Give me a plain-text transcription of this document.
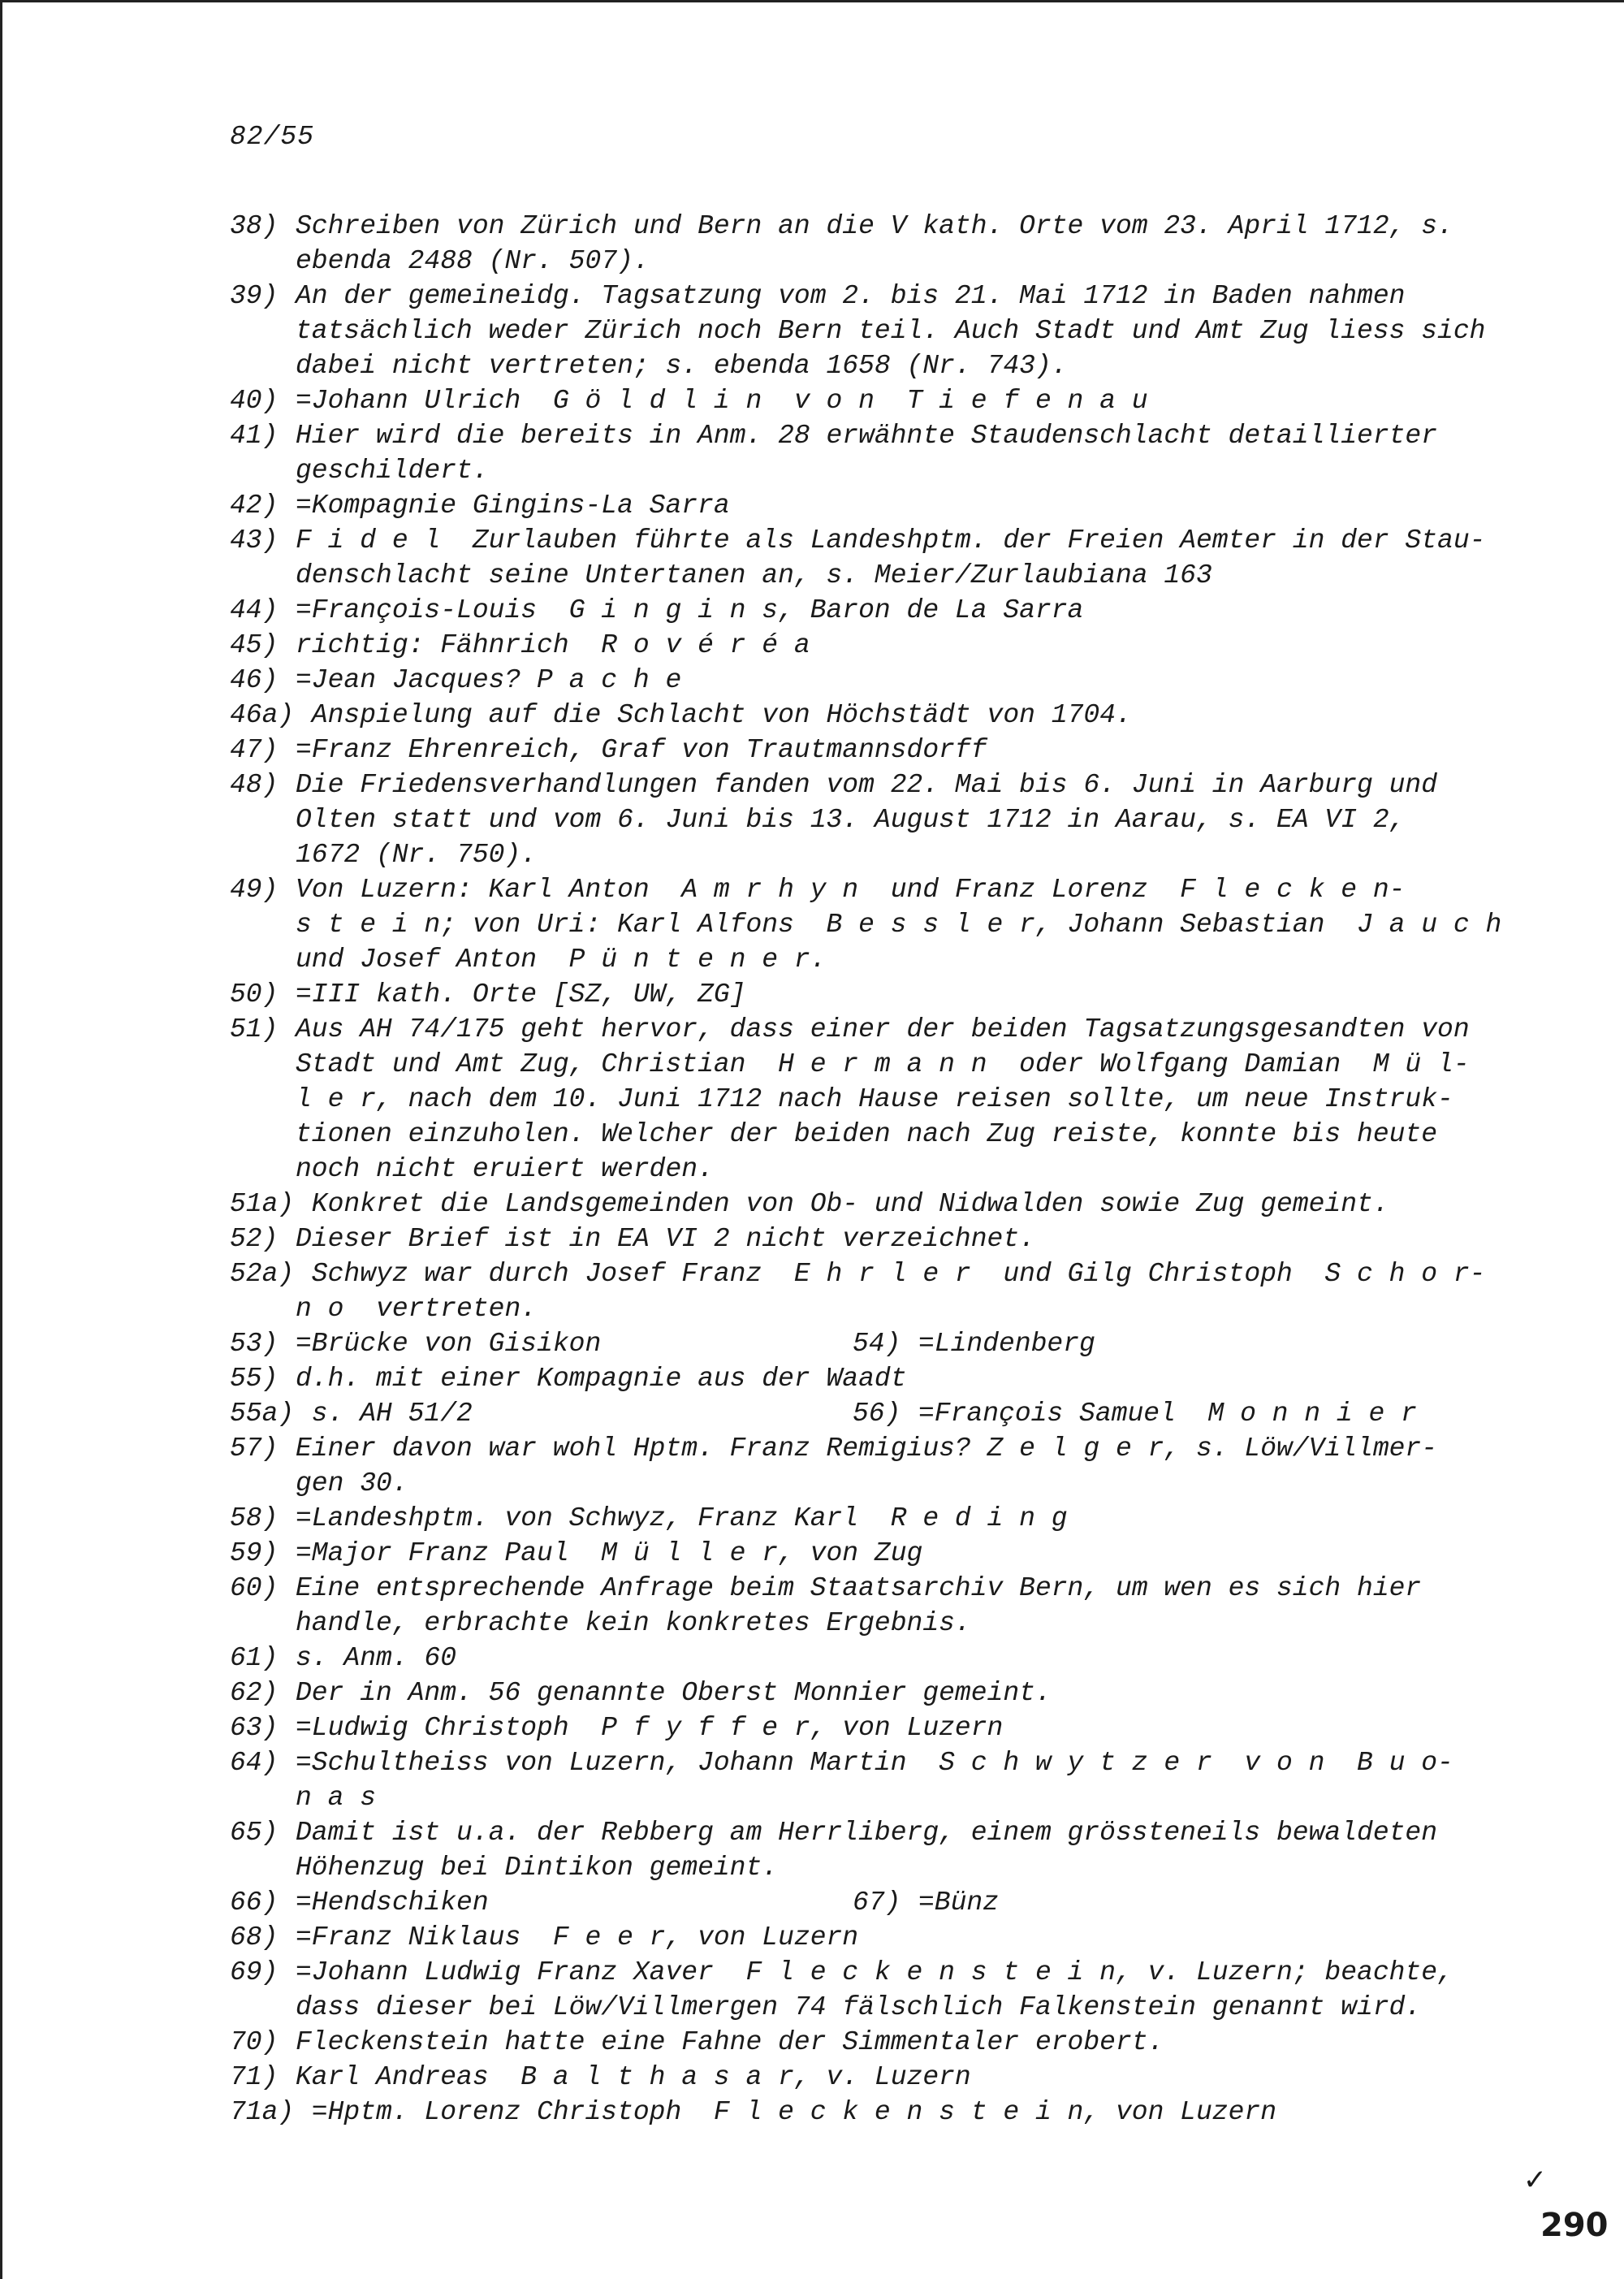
82/55
38) Schreiben von Zürich und Bern an die V kath. Orte vom 23. April 1712, s.
ebenda 2488 (Nr. 507).
39) An der gemeineidg. Tagsatzung vom 2. bis 21. Mai 1712 in Baden nahmen
tatsächlich weder Zürich noch Bern teil. Auch Stadt und Amt Zug liess sich
dabei nicht vertreten; s. ebenda 1658 (Nr. 743).
40) =Johann Ulrich  G ö l d l i n  v o n  T i e f e n a u
41) Hier wird die bereits in Anm. 28 erwähnte Staudenschlacht detaillierter
geschildert.
42) =Kompagnie Gingins-La Sarra
43) F i d e l  Zurlauben führte als Landeshptm. der Freien Aemter in der Stau-
denschlacht seine Untertanen an, s. Meier/Zurlaubiana 163
44) =François-Louis  G i n g i n s, Baron de La Sarra
45) richtig: Fähnrich  R o v é r é a
46) =Jean Jacques? P a c h e
46a) Anspielung auf die Schlacht von Höchstädt von 1704.
47) =Franz Ehrenreich, Graf von Trautmannsdorff
48) Die Friedensverhandlungen fanden vom 22. Mai bis 6. Juni in Aarburg und
Olten statt und vom 6. Juni bis 13. August 1712 in Aarau, s. EA VI 2,
1672 (Nr. 750).
49) Von Luzern: Karl Anton  A m r h y n  und Franz Lorenz  F l e c k e n-
s t e i n; von Uri: Karl Alfons  B e s s l e r, Johann Sebastian  J a u c h
und Josef Anton  P ü n t e n e r.
50) =III kath. Orte [SZ, UW, ZG]
51) Aus AH 74/175 geht hervor, dass einer der beiden Tagsatzungsgesandten von
Stadt und Amt Zug, Christian  H e r m a n n  oder Wolfgang Damian  M ü l-
l e r, nach dem 10. Juni 1712 nach Hause reisen sollte, um neue Instruk-
tionen einzuholen. Welcher der beiden nach Zug reiste, konnte bis heute
noch nicht eruiert werden.
51a) Konkret die Landsgemeinden von Ob- und Nidwalden sowie Zug gemeint.
52) Dieser Brief ist in EA VI 2 nicht verzeichnet.
52a) Schwyz war durch Josef Franz  E h r l e r  und Gilg Christoph  S c h o r-
n o  vertreten.
53) =Brücke von Gisikon	54) =Lindenberg
55) d.h. mit einer Kompagnie aus der Waadt
55a) s. AH 51/2	56) =François Samuel  M o n n i e r
57) Einer davon war wohl Hptm. Franz Remigius? Z e l g e r, s. Löw/Villmer-
gen 30.
58) =Landeshptm. von Schwyz, Franz Karl  R e d i n g
59) =Major Franz Paul  M ü l l e r, von Zug
60) Eine entsprechende Anfrage beim Staatsarchiv Bern, um wen es sich hier
handle, erbrachte kein konkretes Ergebnis.
61) s. Anm. 60
62) Der in Anm. 56 genannte Oberst Monnier gemeint.
63) =Ludwig Christoph  P f y f f e r, von Luzern
64) =Schultheiss von Luzern, Johann Martin  S c h w y t z e r  v o n  B u o-
n a s
65) Damit ist u.a. der Rebberg am Herrliberg, einem grössteneils bewaldeten
Höhenzug bei Dintikon gemeint.
66) =Hendschiken	67) =Bünz
68) =Franz Niklaus  F e e r, von Luzern
69) =Johann Ludwig Franz Xaver  F l e c k e n s t e i n, v. Luzern; beachte,
dass dieser bei Löw/Villmergen 74 fälschlich Falkenstein genannt wird.
70) Fleckenstein hatte eine Fahne der Simmentaler erobert.
71) Karl Andreas  B a l t h a s a r, v. Luzern
71a) =Hptm. Lorenz Christoph  F l e c k e n s t e i n, von Luzern
✓
290
